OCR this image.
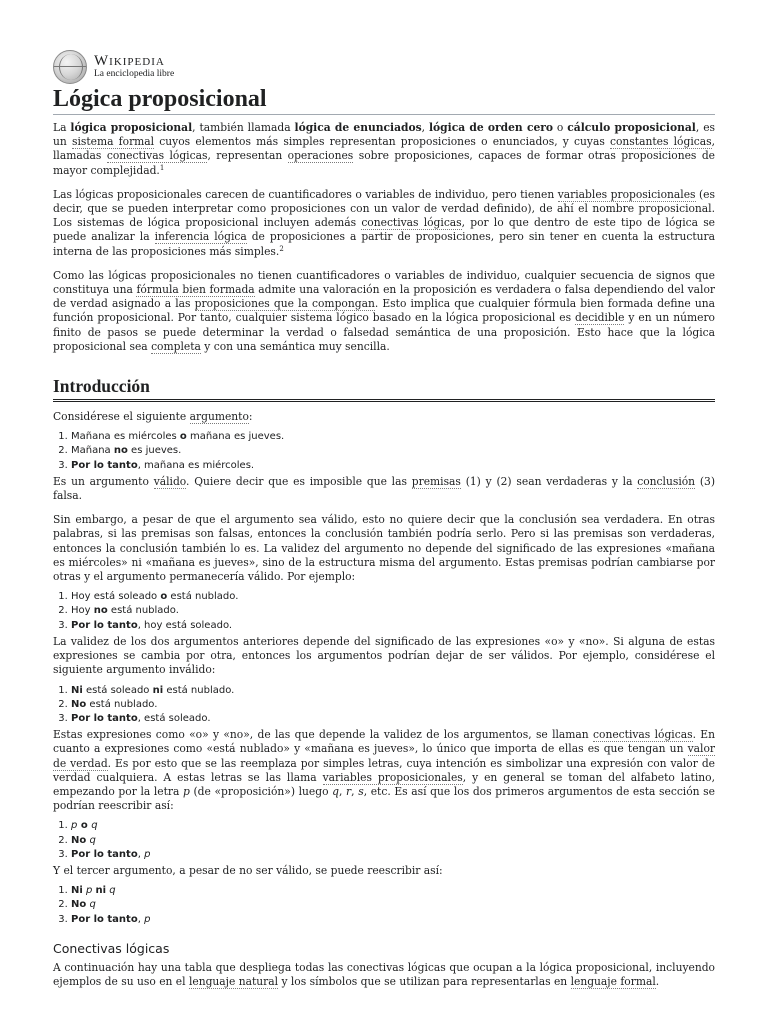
Wikipedia
La enciclopedia libre
Lógica proposicional

La lógica proposicional, también llamada lógica de enunciados, lógica de orden cero o cálculo proposicional, es un sistema formal cuyos elementos más simples representan proposiciones o enunciados, y cuyas constantes lógicas, llamadas conectivas lógicas, representan operaciones sobre proposiciones, capaces de formar otras proposiciones de mayor complejidad.$^1$

Las lógicas proposicionales carecen de cuantificadores o variables de individuo, pero tienen variables proposicionales (es decir, que se pueden interpretar como proposiciones con un valor de verdad definido), de ahí el nombre proposicional. Los sistemas de lógica proposicional incluyen además conectivas lógicas, por lo que dentro de este tipo de lógica se puede analizar la inferencia lógica de proposiciones a partir de proposiciones, pero sin tener en cuenta la estructura interna de las proposiciones más simples.$^2$

Como las lógicas proposicionales no tienen cuantificadores o variables de individuo, cualquier secuencia de signos que constituya una fórmula bien formada admite una valoración en la proposición es verdadera o falsa dependiendo del valor de verdad asignado a las proposiciones que la compongan. Esto implica que cualquier fórmula bien formada define una función proposicional. Por tanto, cualquier sistema lógico basado en la lógica proposicional es decidible y en un número finito de pasos se puede determinar la verdad o falsedad semántica de una proposición. Esto hace que la lógica proposicional sea completa y con una semántica muy sencilla.

Introducción

Considérese el siguiente argumento:

1. Mañana es miércoles o mañana es jueves.
2. Mañana no es jueves.
3. Por lo tanto, mañana es miércoles.

Es un argumento válido. Quiere decir que es imposible que las premisas (1) y (2) sean verdaderas y la conclusión (3) falsa.

Sin embargo, a pesar de que el argumento sea válido, esto no quiere decir que la conclusión sea verdadera. En otras palabras, si las premisas son falsas, entonces la conclusión también podría serlo. Pero si las premisas son verdaderas, entonces la conclusión también lo es. La validez del argumento no depende del significado de las expresiones «mañana es miércoles» ni «mañana es jueves», sino de la estructura misma del argumento. Estas premisas podrían cambiarse por otras y el argumento permanecería válido. Por ejemplo:

1. Hoy está soleado o está nublado.
2. Hoy no está nublado.
3. Por lo tanto, hoy está soleado.

La validez de los dos argumentos anteriores depende del significado de las expresiones «o» y «no». Si alguna de estas expresiones se cambia por otra, entonces los argumentos podrían dejar de ser válidos. Por ejemplo, considérese el siguiente argumento inválido:

1. Ni está soleado ni está nublado.
2. No está nublado.
3. Por lo tanto, está soleado.

Estas expresiones como «o» y «no», de las que depende la validez de los argumentos, se llaman conectivas lógicas. En cuanto a expresiones como «está nublado» y «mañana es jueves», lo único que importa de ellas es que tengan un valor de verdad. Es por esto que se las reemplaza por simples letras, cuya intención es simbolizar una expresión con valor de verdad cualquiera. A estas letras se las llama variables proposicionales, y en general se toman del alfabeto latino, empezando por la letra p (de «proposición») luego q, r, s, etc. Es así que los dos primeros argumentos de esta sección se podrían reescribir así:

1. p o q
2. No q
3. Por lo tanto, p

Y el tercer argumento, a pesar de no ser válido, se puede reescribir así:

1. Ni p ni q
2. No q
3. Por lo tanto, p
Conectivas lógicas

A continuación hay una tabla que despliega todas las conectivas lógicas que ocupan a la lógica proposicional, incluyendo ejemplos de su uso en el lenguaje natural y los símbolos que se utilizan para representarlas en lenguaje formal.
